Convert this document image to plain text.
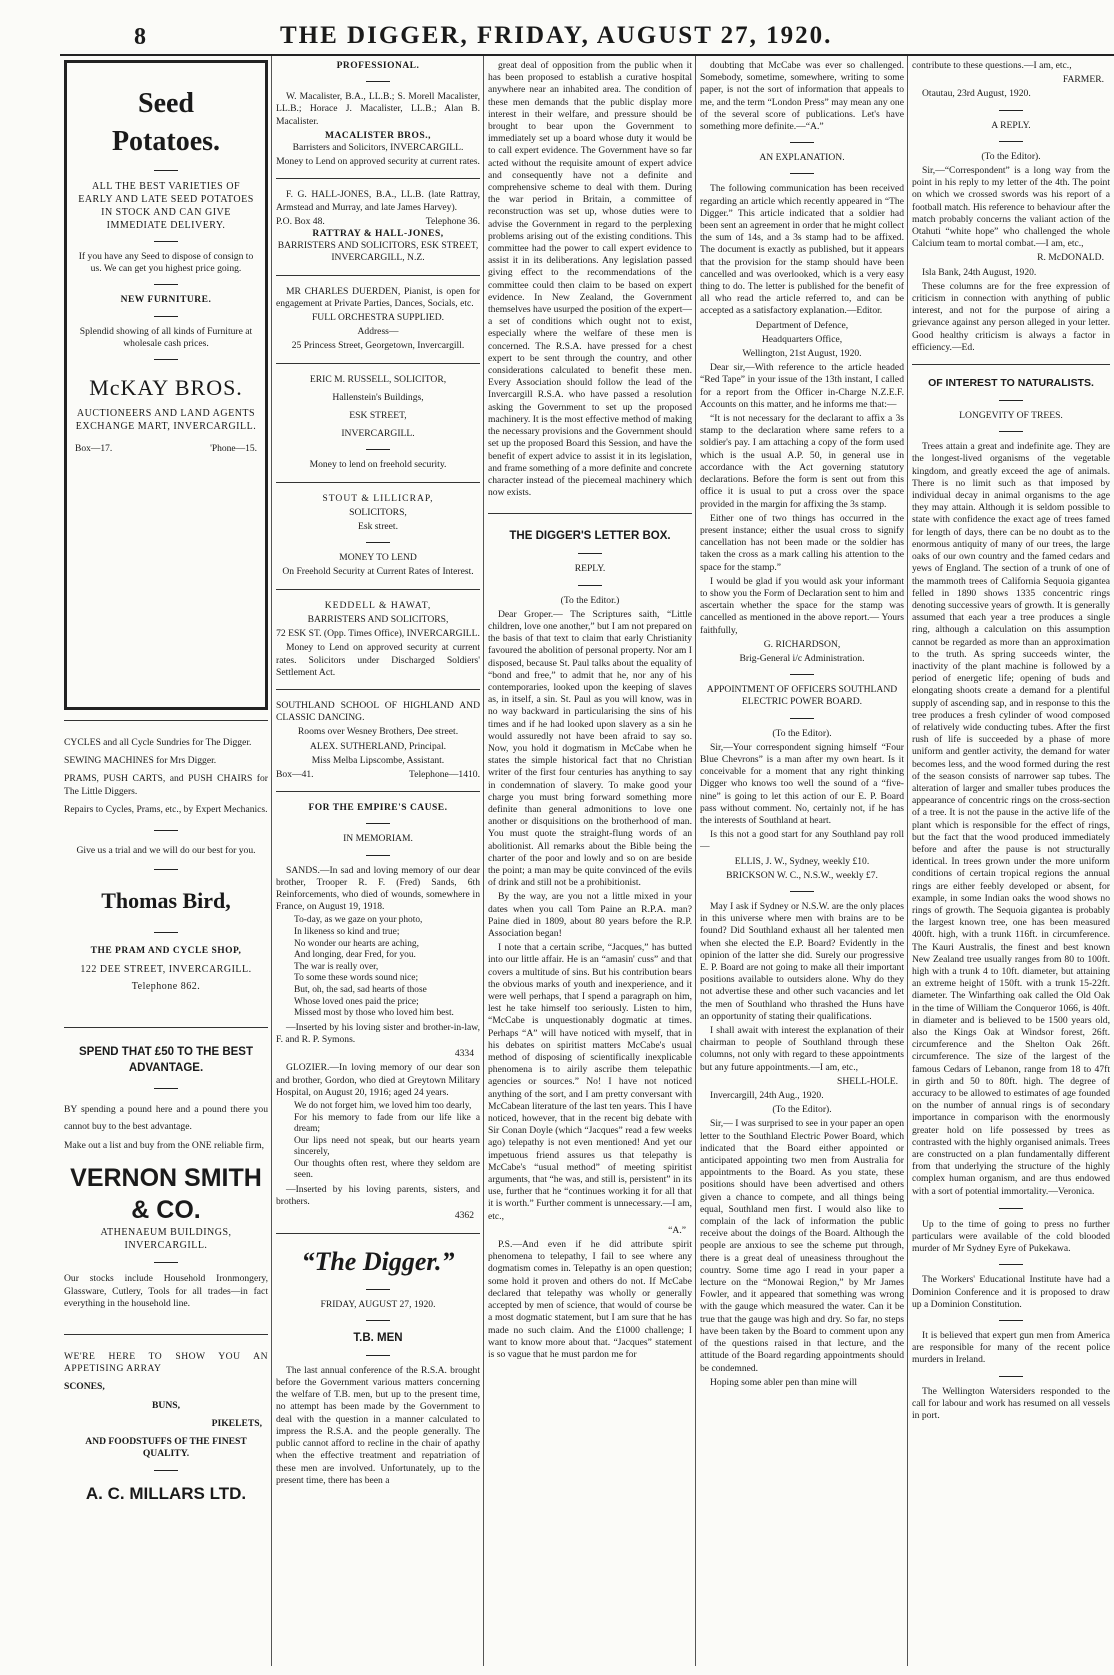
8	THE DIGGER, FRIDAY, AUGUST 27, 1920.
Seed
Potatoes.
ALL THE BEST VARIETIES OF EARLY AND LATE SEED POTATOES IN STOCK AND CAN GIVE IMMEDIATE DELIVERY.

If you have any Seed to dispose of consign to us. We can get you highest price going.

NEW FURNITURE.

Splendid showing of all kinds of Furniture at wholesale cash prices.

McKAY BROS.
AUCTIONEERS AND LAND AGENTS
EXCHANGE MART, INVERCARGILL.
Box—17.	'Phone—15.

CYCLES and all Cycle Sundries for The Digger.

SEWING MACHINES for Mrs Digger.

PRAMS, PUSH CARTS, and PUSH CHAIRS for The Little Diggers.

Repairs to Cycles, Prams, etc., by Expert Mechanics.

Give us a trial and we will do our best for you.

Thomas Bird,
THE PRAM AND CYCLE SHOP,
122 DEE STREET, INVERCARGILL.
Telephone 862.
SPEND THAT £50 TO THE BEST ADVANTAGE.

BY spending a pound here and a pound there you cannot buy to the best advantage.

Make out a list and buy from the ONE reliable firm,

VERNON SMITH & CO.
ATHENAEUM BUILDINGS,
INVERCARGILL.

Our stocks include Household Ironmongery, Glassware, Cutlery, Tools for all trades—in fact everything in the household line.

WE'RE HERE TO SHOW YOU AN APPETISING ARRAY

SCONES,

BUNS,

PIKELETS,

AND FOODSTUFFS OF THE FINEST QUALITY.

A. C. MILLARS LTD.
PROFESSIONAL.

W. Macalister, B.A., LL.B.; S. Morell Macalister, LL.B.; Horace J. Macalister, LL.B.; Alan B. Macalister.

MACALISTER BROS.,

Barristers and Solicitors, INVERCARGILL.

Money to Lend on approved security at current rates.

F. G. HALL-JONES, B.A., LL.B. (late Rattray, Armstead and Murray, and late James Harvey).

P.O. Box 48.	Telephone 36.
RATTRAY & HALL-JONES,

BARRISTERS AND SOLICITORS, ESK STREET, INVERCARGILL, N.Z.

MR CHARLES DUERDEN, Pianist, is open for engagement at Private Parties, Dances, Socials, etc.

FULL ORCHESTRA SUPPLIED.

Address—

25 Princess Street, Georgetown, Invercargill.

ERIC M. RUSSELL, SOLICITOR,

Hallenstein's Buildings,

ESK STREET,

INVERCARGILL.

Money to lend on freehold security.

STOUT & LILLICRAP,

SOLICITORS,

Esk street.

MONEY TO LEND

On Freehold Security at Current Rates of Interest.

KEDDELL & HAWAT,

BARRISTERS AND SOLICITORS,

72 ESK ST. (Opp. Times Office), INVERCARGILL.

Money to Lend on approved security at current rates. Solicitors under Discharged Soldiers' Settlement Act.

SOUTHLAND SCHOOL OF HIGHLAND AND CLASSIC DANCING.

Rooms over Wesney Brothers, Dee street.

ALEX. SUTHERLAND, Principal.

Miss Melba Lipscombe, Assistant.

Box—41.	Telephone—1410.
FOR THE EMPIRE'S CAUSE.

IN MEMORIAM.

SANDS.—In sad and loving memory of our dear brother, Trooper R. F. (Fred) Sands, 6th Reinforcements, who died of wounds, somewhere in France, on August 19, 1918.

To-day, as we gaze on your photo,
In likeness so kind and true;
No wonder our hearts are aching,
And longing, dear Fred, for you.
The war is really over,
To some these words sound nice;
But, oh, the sad, sad hearts of those
Whose loved ones paid the price;
Missed most by those who loved him best.

—Inserted by his loving sister and brother-in-law, F. and R. P. Symons.

4334

GLOZIER.—In loving memory of our dear son and brother, Gordon, who died at Greytown Military Hospital, on August 20, 1916; aged 24 years.

We do not forget him, we loved him too dearly,
For his memory to fade from our life like a dream;
Our lips need not speak, but our hearts yearn sincerely,
Our thoughts often rest, where they seldom are seen.

—Inserted by his loving parents, sisters, and brothers.

4362

“The Digger.”

FRIDAY, AUGUST 27, 1920.

T.B. MEN

The last annual conference of the R.S.A. brought before the Government various matters concerning the welfare of T.B. men, but up to the present time, no attempt has been made by the Government to deal with the question in a manner calculated to impress the R.S.A. and the people generally. The public cannot afford to recline in the chair of apathy when the effective treatment and repatriation of these men are involved. Unfortunately, up to the present time, there has been a

great deal of opposition from the public when it has been proposed to establish a curative hospital anywhere near an inhabited area. The condition of these men demands that the public display more interest in their welfare, and pressure should be brought to bear upon the Government to immediately set up a board whose duty it would be to call expert evidence. The Government have so far acted without the requisite amount of expert advice and consequently have not a definite and comprehensive scheme to deal with them. During the war period in Britain, a committee of reconstruction was set up, whose duties were to advise the Government in regard to the perplexing problems arising out of the existing conditions. This committee had the power to call expert evidence to assist it in its deliberations. Any legislation passed giving effect to the recommendations of the committee could then claim to be based on expert evidence. In New Zealand, the Government themselves have usurped the position of the expert—a set of conditions which ought not to exist, especially where the welfare of these men is concerned. The R.S.A. have pressed for a chest expert to be sent through the country, and other considerations calculated to benefit these men. Every Association should follow the lead of the Invercargill R.S.A. who have passed a resolution asking the Government to set up the proposed machinery. It is the most effective method of making the necessary provisions and the Government should set up the proposed Board this Session, and have the benefit of expert advice to assist it in its legislation, and frame something of a more definite and concrete character instead of the piecemeal machinery which now exists.

THE DIGGER'S LETTER BOX.

REPLY.

(To the Editor.)

Dear Groper.— The Scriptures saith, “Little children, love one another,” but I am not prepared on the basis of that text to claim that early Christianity favoured the abolition of personal property. Nor am I disposed, because St. Paul talks about the equality of “bond and free,” to admit that he, nor any of his contemporaries, looked upon the keeping of slaves as, in itself, a sin. St. Paul as you will know, was in no way backward in particularising the sins of his times and if he had looked upon slavery as a sin he would assuredly not have been afraid to say so. Now, you hold it dogmatism in McCabe when he states the simple historical fact that no Christian writer of the first four centuries has anything to say in condemnation of slavery. To make good your charge you must bring forward something more definite than general admonitions to love one another or disquisitions on the brotherhood of man. You must quote the straight-flung words of an abolitionist. All remarks about the Bible being the charter of the poor and lowly and so on are beside the point; a man may be quite convinced of the evils of drink and still not be a prohibitionist.

By the way, are you not a little mixed in your dates when you call Tom Paine an R.P.A. man? Paine died in 1809, about 80 years before the R.P. Association began!

I note that a certain scribe, “Jacques,” has butted into our little affair. He is an “amasin' cuss” and that covers a multitude of sins. But his contribution bears the obvious marks of youth and inexperience, and it were well perhaps, that I spend a paragraph on him, lest he take himself too seriously. Listen to him, “McCabe is unquestionably dogmatic at times. Perhaps “A” will have noticed with myself, that in his debates on spiritist matters McCabe's usual method of disposing of scientifically inexplicable phenomena is to airily ascribe them telepathic agencies or sources.” No! I have not noticed anything of the sort, and I am pretty conversant with McCabean literature of the last ten years. This I have noticed, however, that in the recent big debate with Sir Conan Doyle (which “Jacques” read a few weeks ago) telepathy is not even mentioned! And yet our impetuous friend assures us that telepathy is McCabe's “usual method” of meeting spiritist arguments, that “he was, and still is, persistent” in its use, further that he “continues working it for all that it is worth.” Further comment is unnecessary.—I am, etc.,

“A.”

P.S.—And even if he did attribute spirit phenomena to telepathy, I fail to see where any dogmatism comes in. Telepathy is an open question; some hold it proven and others do not. If McCabe declared that telepathy was wholly or generally accepted by men of science, that would of course be a most dogmatic statement, but I am sure that he has made no such claim. And the £1000 challenge; I want to know more about that. “Jacques” statement is so vague that he must pardon me for

doubting that McCabe was ever so challenged. Somebody, sometime, somewhere, writing to some paper, is not the sort of information that appeals to me, and the term “London Press” may mean any one of the several score of publications. Let's have something more definite.—“A.”

AN EXPLANATION.

The following communication has been received regarding an article which recently appeared in “The Digger.” This article indicated that a soldier had been sent an agreement in order that he might collect the sum of 14s, and a 3s stamp had to be affixed. The document is exactly as published, but it appears that the provision for the stamp should have been cancelled and was overlooked, which is a very easy thing to do. The letter is published for the benefit of all who read the article referred to, and can be accepted as a satisfactory explanation.—Editor.

Department of Defence,

Headquarters Office,

Wellington, 21st August, 1920.

Dear sir,—With reference to the article headed “Red Tape” in your issue of the 13th instant, I called for a report from the Officer in-Charge N.Z.E.F. Accounts on this matter, and he informs me that:—

“It is not necessary for the declarant to affix a 3s stamp to the declaration where same refers to a soldier's pay. I am attaching a copy of the form used which is the usual A.P. 50, in general use in accordance with the Act governing statutory declarations. Before the form is sent out from this office it is usual to put a cross over the space provided in the margin for affixing the 3s stamp.

Either one of two things has occurred in the present instance; either the usual cross to signify cancellation has not been made or the soldier has taken the cross as a mark calling his attention to the space for the stamp.”

I would be glad if you would ask your informant to show you the Form of Declaration sent to him and ascertain whether the space for the stamp was cancelled as mentioned in the above report.— Yours faithfully,

G. RICHARDSON,

Brig-General i/c Administration.

APPOINTMENT OF OFFICERS SOUTHLAND ELECTRIC POWER BOARD.

(To the Editor).

Sir,—Your correspondent signing himself “Four Blue Chevrons” is a man after my own heart. Is it conceivable for a moment that any right thinking Digger who knows too well the sound of a “five-nine” is going to let this action of our E. P. Board pass without comment. No, certainly not, if he has the interests of Southland at heart.

Is this not a good start for any Southland pay roll—

ELLIS, J. W., Sydney, weekly £10.

BRICKSON W. C., N.S.W., weekly £7.

May I ask if Sydney or N.S.W. are the only places in this universe where men with brains are to be found? Did Southland exhaust all her talented men when she elected the E.P. Board? Evidently in the opinion of the latter she did. Surely our progressive E. P. Board are not going to make all their important positions available to outsiders alone. Why do they not advertise these and other such vacancies and let the men of Southland who thrashed the Huns have an opportunity of stating their qualifications.

I shall await with interest the explanation of their chairman to people of Southland through these columns, not only with regard to these appointments but any future appointments.—I am, etc.,

SHELL-HOLE.

Invercargill, 24th Aug., 1920.

(To the Editor).

Sir,— I was surprised to see in your paper an open letter to the Southland Electric Power Board, which indicated that the Board either appointed or anticipated appointing two men from Australia for appointments to the Board. As you state, these positions should have been advertised and others given a chance to compete, and all things being equal, Southland men first. I would also like to complain of the lack of information the public receive about the doings of the Board. Although the people are anxious to see the scheme put through, there is a great deal of uneasiness throughout the country. Some time ago I read in your paper a lecture on the “Monowai Region,” by Mr James Fowler, and it appeared that something was wrong with the gauge which measured the water. Can it be true that the gauge was high and dry. So far, no steps have been taken by the Board to comment upon any of the questions raised in that lecture, and the attitude of the Board regarding appointments should be condemned.

Hoping some abler pen than mine will

contribute to these questions.—I am, etc.,

FARMER.

Otautau, 23rd August, 1920.

A REPLY.

(To the Editor).

Sir,—“Correspondent” is a long way from the point in his reply to my letter of the 4th. The point on which we crossed swords was his report of a football match. His reference to behaviour after the match probably concerns the valiant action of the Otahuti “white hope” who challenged the whole Calcium team to mortal combat.—I am, etc.,

R. McDONALD.

Isla Bank, 24th August, 1920.

These columns are for the free expression of criticism in connection with anything of public interest, and not for the purpose of airing a grievance against any person alleged in your letter. Good healthy criticism is always a factor in efficiency.—Ed.

OF INTEREST TO NATURALISTS.

LONGEVITY OF TREES.

Trees attain a great and indefinite age. They are the longest-lived organisms of the vegetable kingdom, and greatly exceed the age of animals. There is no limit such as that imposed by individual decay in animal organisms to the age they may attain. Although it is seldom possible to state with confidence the exact age of trees famed for length of days, there can be no doubt as to the enormous antiquity of many of our trees, the large oaks of our own country and the famed cedars and yews of England. The section of a trunk of one of the mammoth trees of California Sequoia gigantea felled in 1890 shows 1335 concentric rings denoting successive years of growth. It is generally assumed that each year a tree produces a single ring, although a calculation on this assumption cannot be regarded as more than an approximation to the truth. As spring succeeds winter, the inactivity of the plant machine is followed by a period of energetic life; opening of buds and elongating shoots create a demand for a plentiful supply of ascending sap, and in response to this the tree produces a fresh cylinder of wood composed of relatively wide conducting tubes. After the first rush of life is succeeded by a phase of more uniform and gentler activity, the demand for water becomes less, and the wood formed during the rest of the season consists of narrower sap tubes. The alteration of larger and smaller tubes produces the appearance of concentric rings on the cross-section of a tree. It is not the pause in the active life of the plant which is responsible for the effect of rings, but the fact that the wood produced immediately before and after the pause is not structurally identical. In trees grown under the more uniform conditions of certain tropical regions the annual rings are either feebly developed or absent, for example, in some Indian oaks the wood shows no rings of growth. The Sequoia gigantea is probably the largest known tree, one has been measured 400ft. high, with a trunk 116ft. in circumference. The Kauri Australis, the finest and best known New Zealand tree usually ranges from 80 to 100ft. high with a trunk 4 to 10ft. diameter, but attaining an extreme height of 150ft. with a trunk 15-22ft. diameter. The Winfarthing oak called the Old Oak in the time of William the Conqueror 1066, is 40ft. in diameter and is believed to be 1500 years old, also the Kings Oak at Windsor forest, 26ft. circumference and the Shelton Oak 26ft. circumference. The size of the largest of the famous Cedars of Lebanon, range from 18 to 47ft in girth and 50 to 80ft. high. The degree of accuracy to be allowed to estimates of age founded on the number of annual rings is of secondary importance in comparison with the enormously greater hold on life possessed by trees as contrasted with the highly organised animals. Trees are constructed on a plan fundamentally different from that underlying the structure of the highly complex human organism, and are thus endowed with a sort of potential immortality.—Veronica.

Up to the time of going to press no further particulars were available of the cold blooded murder of Mr Sydney Eyre of Pukekawa.

The Workers' Educational Institute have had a Dominion Conference and it is proposed to draw up a Dominion Constitution.

It is believed that expert gun men from America are responsible for many of the recent police murders in Ireland.

The Wellington Watersiders responded to the call for labour and work has resumed on all vessels in port.
